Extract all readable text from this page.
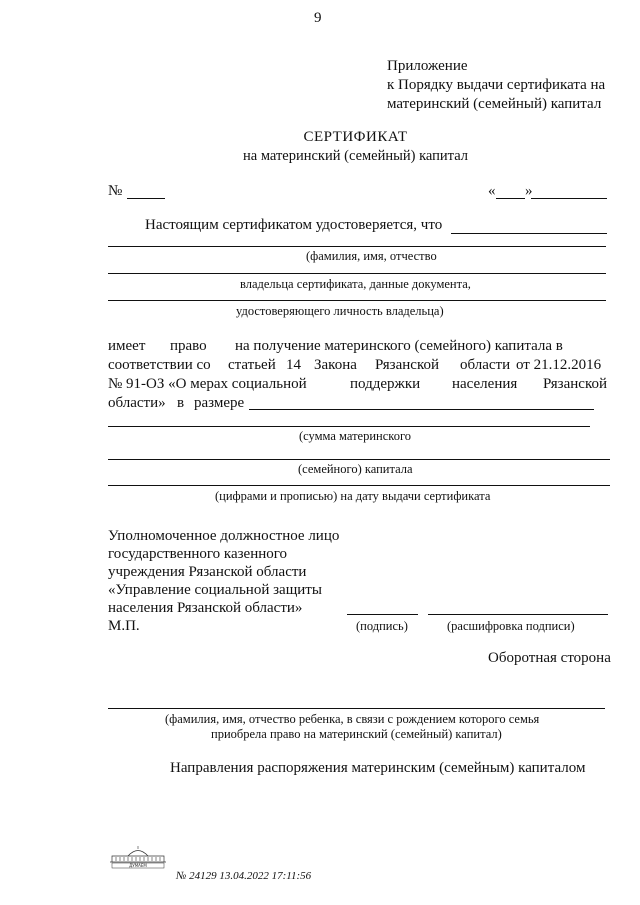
9
Приложение
к Порядку выдачи сертификата на
материнский (семейный) капитал
СЕРТИФИКАТ
на материнский (семейный) капитал
№	« »
Настоящим сертификатом удостоверяется, что
(фамилия, имя, отчество
владельца сертификата, данные документа,
удостоверяющего личность владельца)
имеет право на получение материнского (семейного) капитала в
соответствии со статьей 14 Закона Рязанской области от 21.12.2016
№ 91-ОЗ «О мерах социальной	поддержки населения Рязанской
области» в размере
(сумма материнского
(семейного) капитала
(цифрами и прописью) на дату выдачи сертификата
Уполномоченное должностное лицо
государственного казенного
учреждения Рязанской области
«Управление социальной защиты
населения Рязанской области»
М.П.	(подпись)	(расшифровка подписи)
Оборотная сторона
(фамилия, имя, отчество ребенка, в связи с рождением которого семья
приобрела право на материнский (семейный) капитал)
Направления распоряжения материнским (семейным) капиталом
ДУМАЕМ
№ 24129 13.04.2022 17:11:56
